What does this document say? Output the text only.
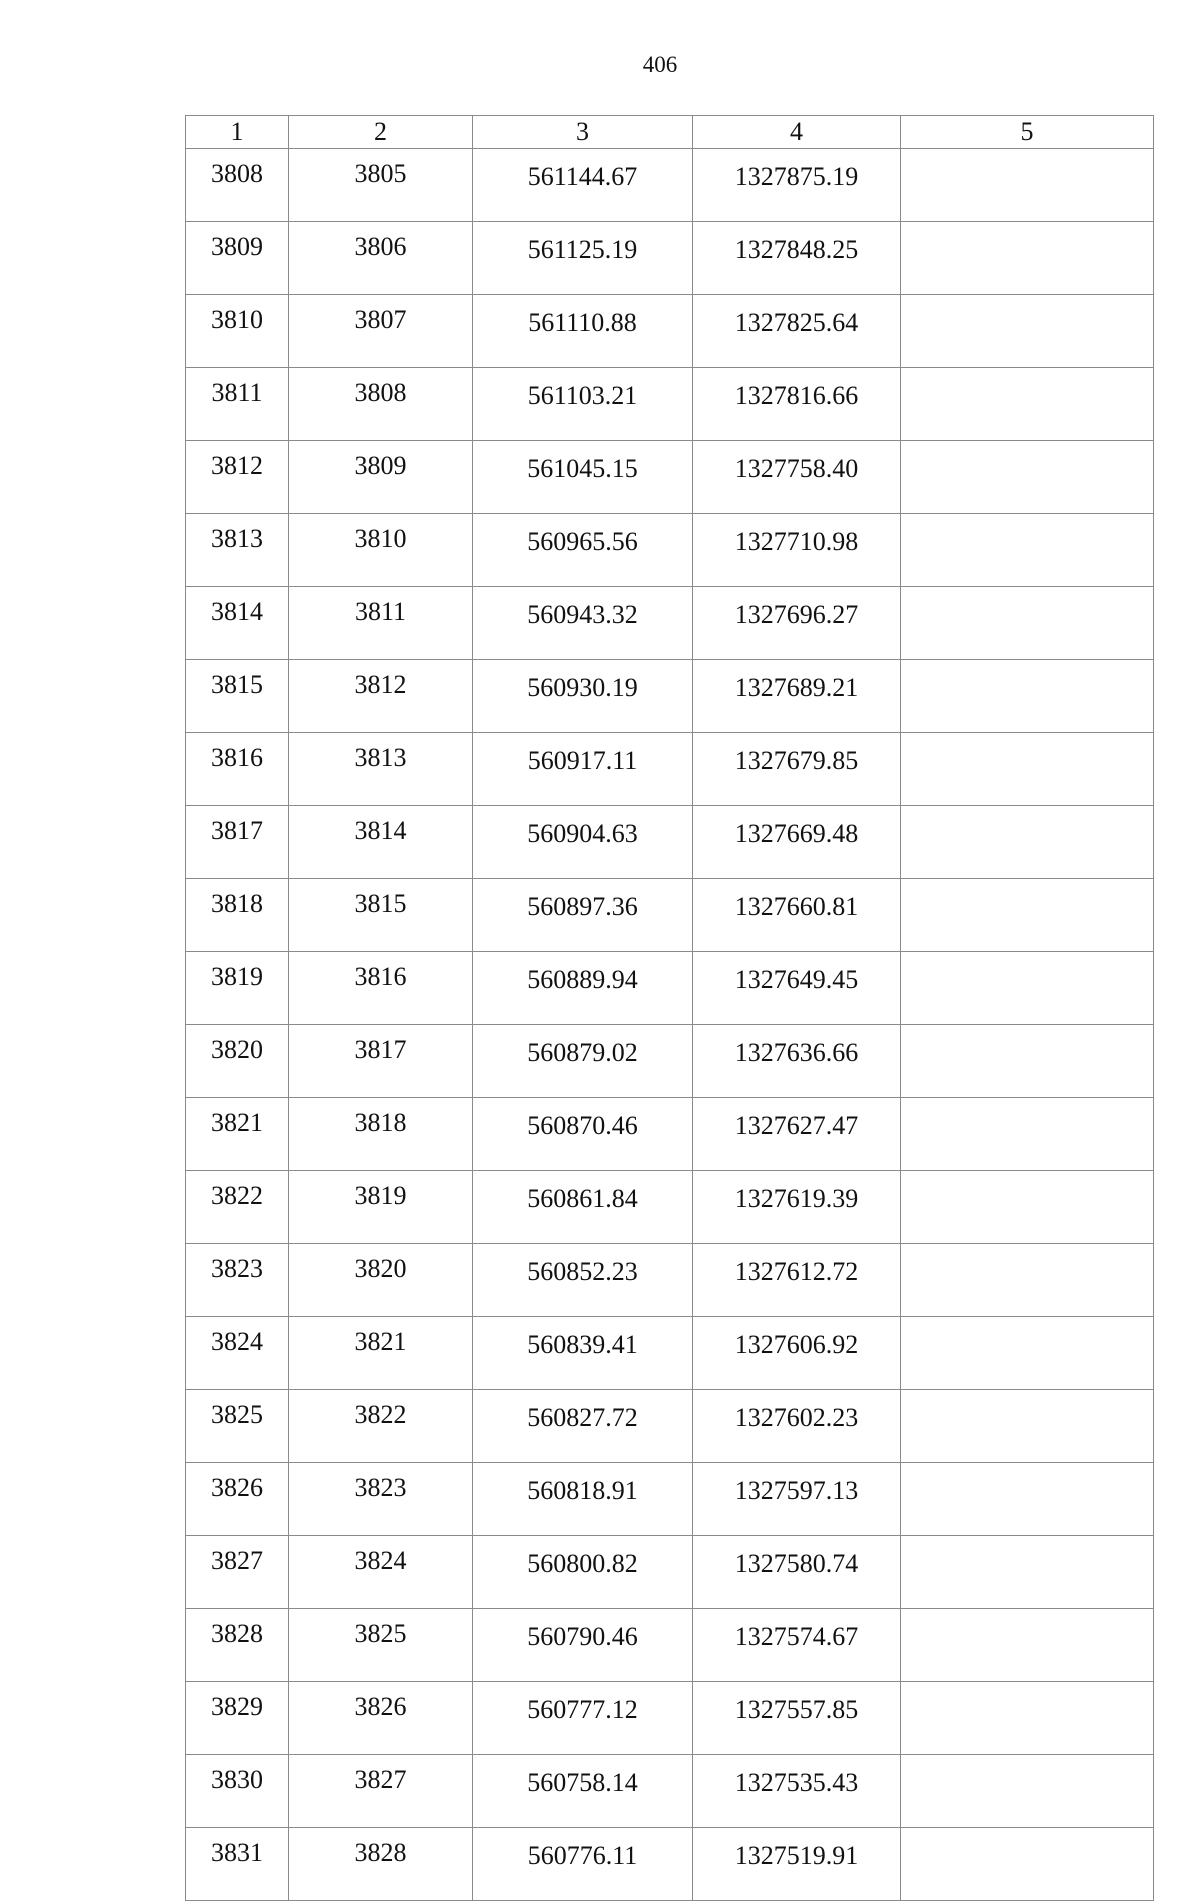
406
1	2	3	4	5
3808	3805	561144.67	1327875.19	
3809	3806	561125.19	1327848.25	
3810	3807	561110.88	1327825.64	
3811	3808	561103.21	1327816.66	
3812	3809	561045.15	1327758.40	
3813	3810	560965.56	1327710.98	
3814	3811	560943.32	1327696.27	
3815	3812	560930.19	1327689.21	
3816	3813	560917.11	1327679.85	
3817	3814	560904.63	1327669.48	
3818	3815	560897.36	1327660.81	
3819	3816	560889.94	1327649.45	
3820	3817	560879.02	1327636.66	
3821	3818	560870.46	1327627.47	
3822	3819	560861.84	1327619.39	
3823	3820	560852.23	1327612.72	
3824	3821	560839.41	1327606.92	
3825	3822	560827.72	1327602.23	
3826	3823	560818.91	1327597.13	
3827	3824	560800.82	1327580.74	
3828	3825	560790.46	1327574.67	
3829	3826	560777.12	1327557.85	
3830	3827	560758.14	1327535.43	
3831	3828	560776.11	1327519.91	
